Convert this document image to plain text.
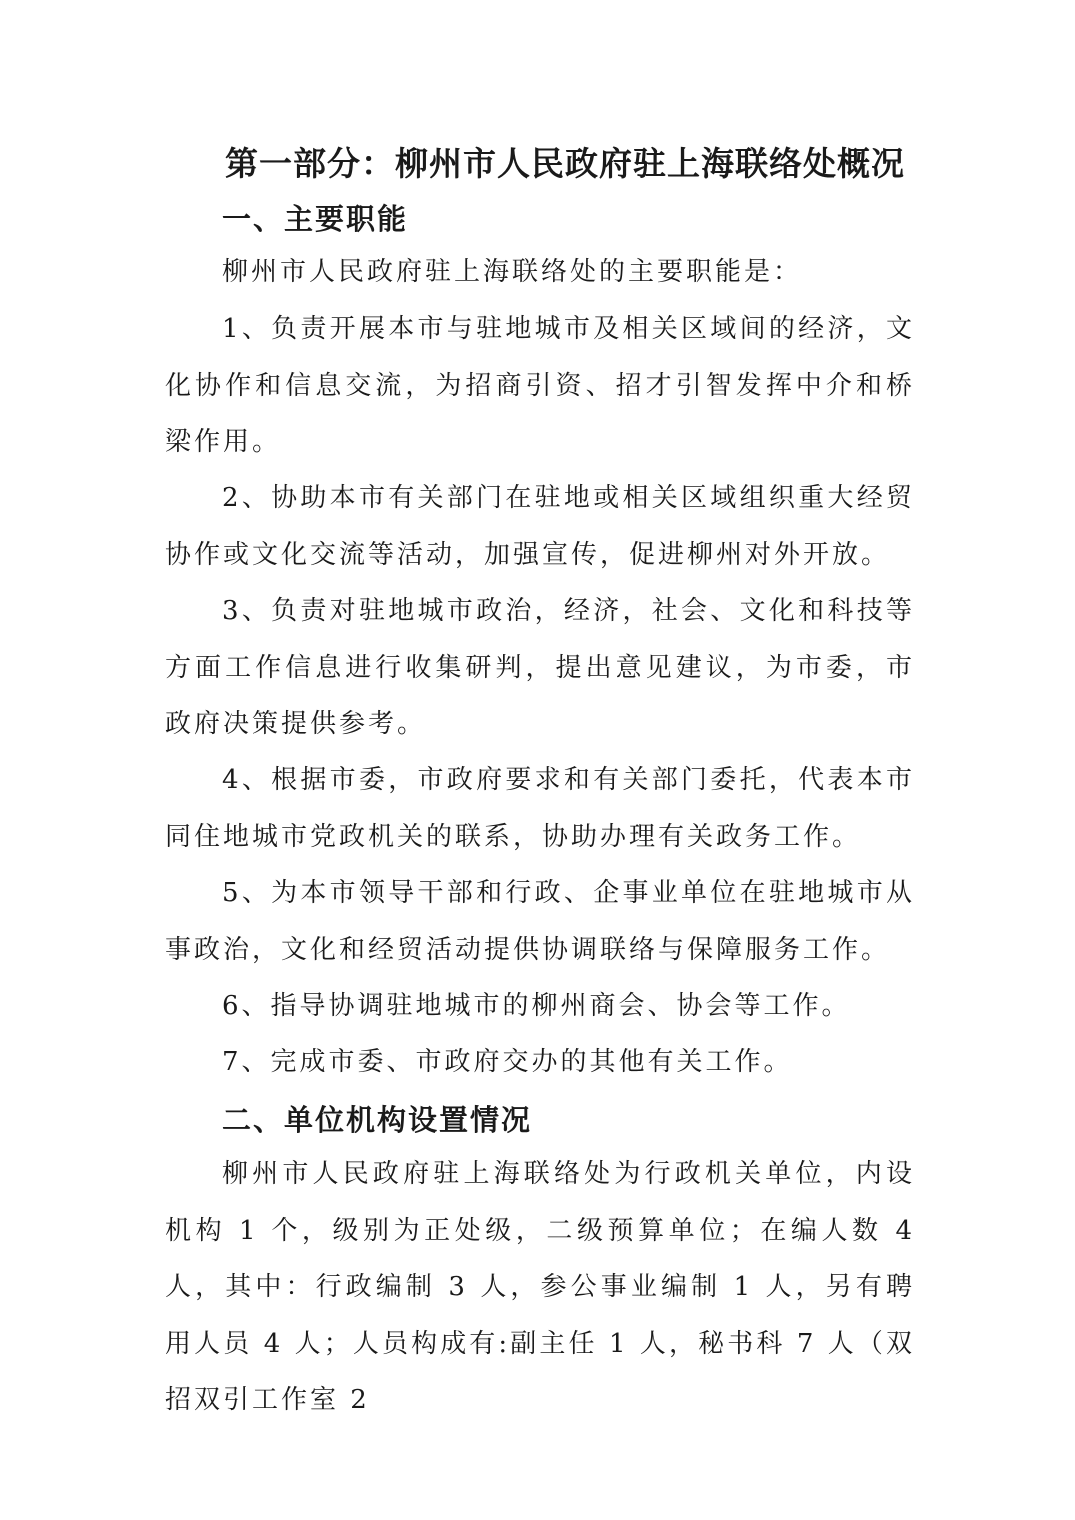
第一部分：柳州市人民政府驻上海联络处概况
一、主要职能

柳州市人民政府驻上海联络处的主要职能是：

1、负责开展本市与驻地城市及相关区域间的经济，文化协作和信息交流，为招商引资、招才引智发挥中介和桥梁作用。

2、协助本市有关部门在驻地或相关区域组织重大经贸协作或文化交流等活动，加强宣传，促进柳州对外开放。

3、负责对驻地城市政治，经济，社会、文化和科技等方面工作信息进行收集研判，提出意见建议，为市委，市政府决策提供参考。

4、根据市委，市政府要求和有关部门委托，代表本市同住地城市党政机关的联系，协助办理有关政务工作。

5、为本市领导干部和行政、企事业单位在驻地城市从事政治，文化和经贸活动提供协调联络与保障服务工作。

6、指导协调驻地城市的柳州商会、协会等工作。

7、完成市委、市政府交办的其他有关工作。

二、单位机构设置情况

柳州市人民政府驻上海联络处为行政机关单位，内设机构 1 个，级别为正处级，二级预算单位；在编人数 4 人，其中：行政编制 3 人，参公事业编制 1 人，另有聘用人员 4 人；人员构成有:副主任 1 人，秘书科 7 人（双招双引工作室 2
